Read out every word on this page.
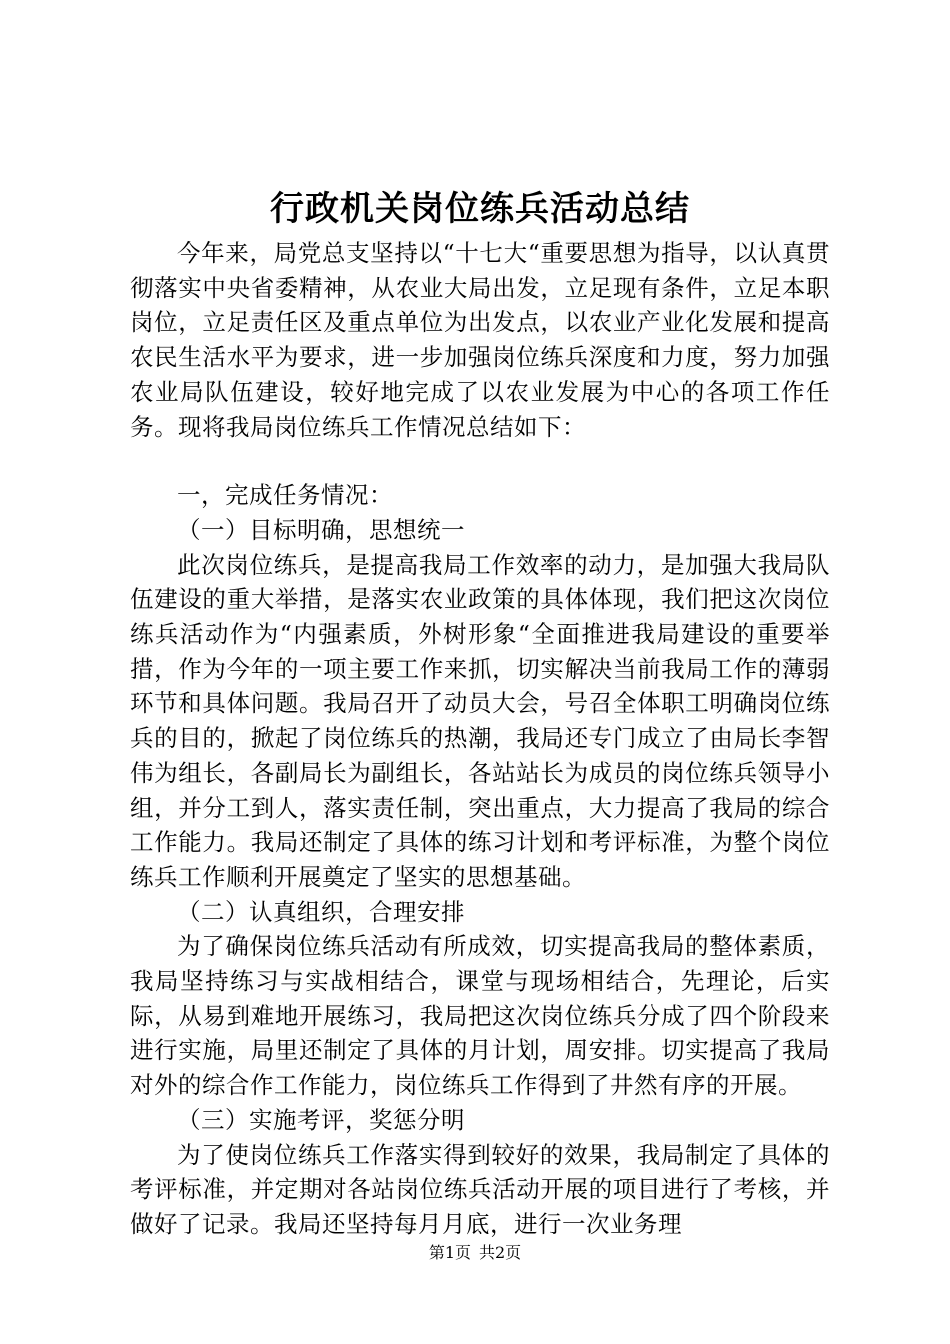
行政机关岗位练兵活动总结

今年来，局党总支坚持以“十七大“重要思想为指导，以认真贯彻落实中央省委精神，从农业大局出发，立足现有条件，立足本职岗位，立足责任区及重点单位为出发点，以农业产业化发展和提高农民生活水平为要求，进一步加强岗位练兵深度和力度，努力加强农业局队伍建设，较好地完成了以农业发展为中心的各项工作任务。现将我局岗位练兵工作情况总结如下：

一，完成任务情况：

（一）目标明确，思想统一

此次岗位练兵，是提高我局工作效率的动力，是加强大我局队伍建设的重大举措，是落实农业政策的具体体现，我们把这次岗位练兵活动作为“内强素质，外树形象“全面推进我局建设的重要举措，作为今年的一项主要工作来抓，切实解决当前我局工作的薄弱环节和具体问题。我局召开了动员大会，号召全体职工明确岗位练兵的目的，掀起了岗位练兵的热潮，我局还专门成立了由局长李智伟为组长，各副局长为副组长，各站站长为成员的岗位练兵领导小组，并分工到人，落实责任制，突出重点，大力提高了我局的综合工作能力。我局还制定了具体的练习计划和考评标准，为整个岗位练兵工作顺利开展奠定了坚实的思想基础。

（二）认真组织，合理安排

为了确保岗位练兵活动有所成效，切实提高我局的整体素质，我局坚持练习与实战相结合，课堂与现场相结合，先理论，后实际，从易到难地开展练习，我局把这次岗位练兵分成了四个阶段来进行实施，局里还制定了具体的月计划，周安排。切实提高了我局对外的综合作工作能力，岗位练兵工作得到了井然有序的开展。

（三）实施考评，奖惩分明

为了使岗位练兵工作落实得到较好的效果，我局制定了具体的考评标准，并定期对各站岗位练兵活动开展的项目进行了考核，并做好了记录。我局还坚持每月月底，进行一次业务理

第1页 共2页
